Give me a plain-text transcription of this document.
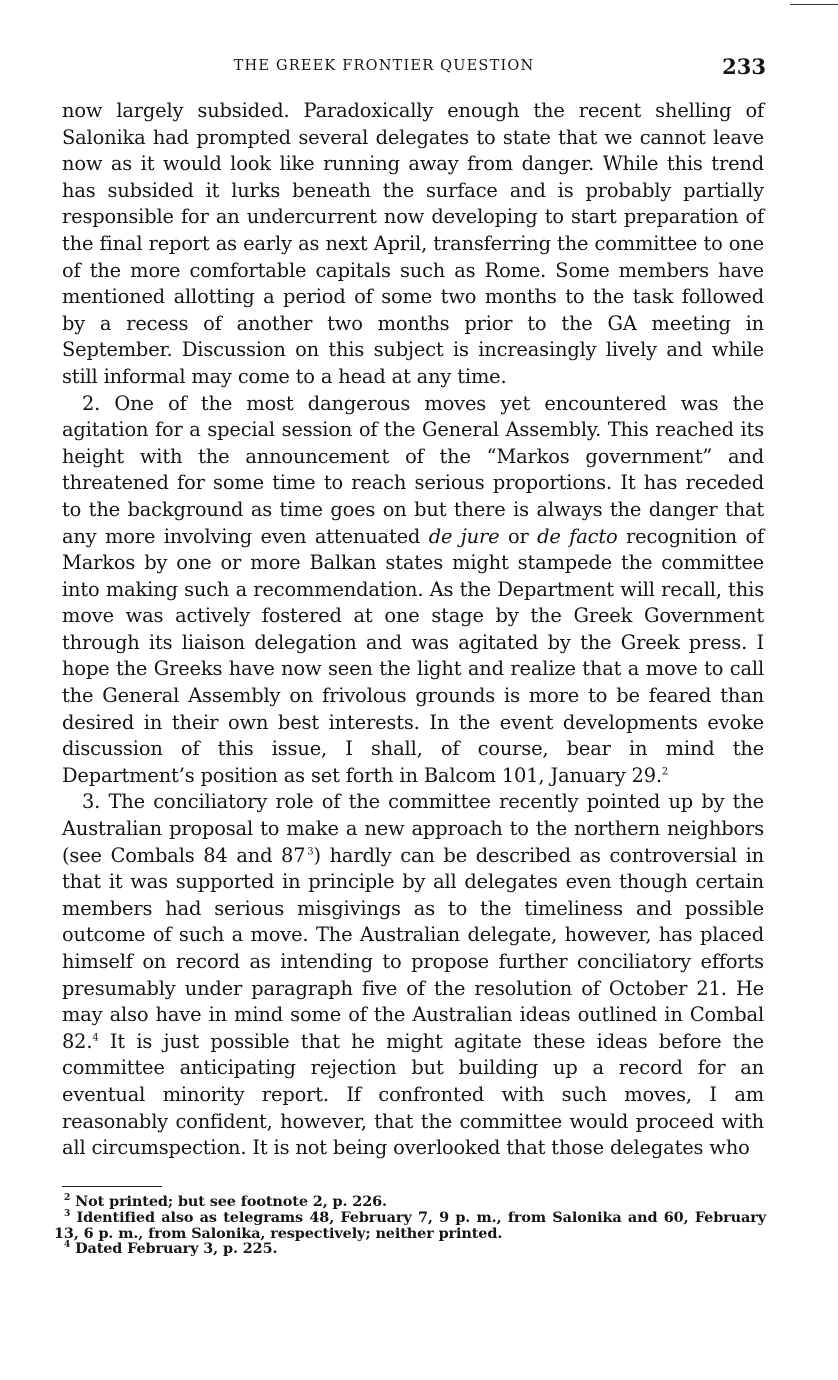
THE GREEK FRONTIER QUESTION	233

now largely subsided. Paradoxically enough the recent shelling of Salonika had prompted several delegates to state that we cannot leave now as it would look like running away from danger. While this trend has subsided it lurks beneath the surface and is probably partially responsible for an undercurrent now developing to start preparation of the final report as early as next April, transferring the committee to one of the more comfortable capitals such as Rome. Some members have mentioned allotting a period of some two months to the task followed by a recess of another two months prior to the GA meeting in September. Discussion on this subject is increasingly lively and while still informal may come to a head at any time.

2. One of the most dangerous moves yet encountered was the agitation for a special session of the General Assembly. This reached its height with the announcement of the “Markos government” and threatened for some time to reach serious proportions. It has receded to the background as time goes on but there is always the danger that any more involving even attenuated de jure or de facto recognition of Markos by one or more Balkan states might stampede the committee into making such a recommendation. As the Department will recall, this move was actively fostered at one stage by the Greek Government through its liaison delegation and was agitated by the Greek press. I hope the Greeks have now seen the light and realize that a move to call the General Assembly on frivolous grounds is more to be feared than desired in their own best interests. In the event developments evoke discussion of this issue, I shall, of course, bear in mind the Department’s position as set forth in Balcom 101, January 29.$^2$

3. The conciliatory role of the committee recently pointed up by the Australian proposal to make a new approach to the northern neighbors (see Combals 84 and 87  $^3$) hardly can be described as controversial in that it was supported in principle by all delegates even though certain members had serious misgivings as to the timeliness and possible outcome of such a move. The Australian delegate, however, has placed himself on record as intending to propose further conciliatory efforts presumably under paragraph five of the resolution of October 21. He may also have in mind some of the Australian ideas outlined in Combal 82.$^4$ It is just possible that he might agitate these ideas before the committee anticipating rejection but building up a record for an eventual minority report. If confronted with such moves, I am reasonably confident, however, that the committee would proceed with all circumspection. It is not being overlooked that those delegates who

$^2$ Not printed; but see footnote 2, p. 226.

$^3$ Identified also as telegrams 48, February 7, 9 p. m., from Salonika and 60, February 13, 6 p. m., from Salonika, respectively; neither printed.

$^4$ Dated February 3, p. 225.
